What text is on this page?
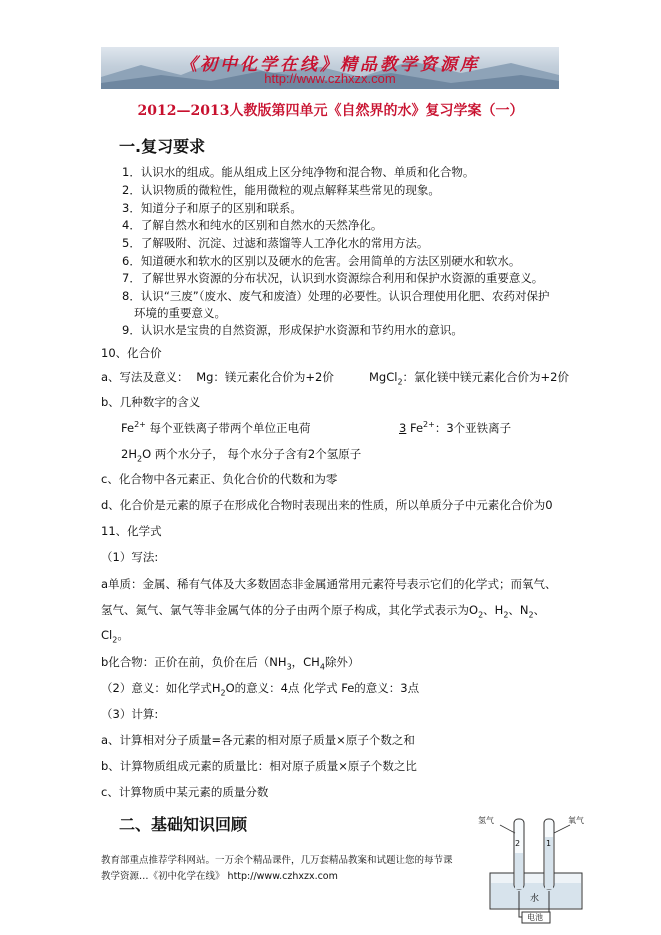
《初中化学在线》精品教学资源库
http://www.czhxzx.com
2012—2013人教版第四单元《自然界的水》复习学案（一）
一.复习要求
1．认识水的组成。能从组成上区分纯净物和混合物、单质和化合物。
2．认识物质的微粒性，能用微粒的观点解释某些常见的现象。
3．知道分子和原子的区别和联系。
4．了解自然水和纯水的区别和自然水的天然净化。
5．了解吸附、沉淀、过滤和蒸馏等人工净化水的常用方法。
6．知道硬水和软水的区别以及硬水的危害。会用简单的方法区别硬水和软水。
7．了解世界水资源的分布状况，认识到水资源综合利用和保护水资源的重要意义。
8．认识“三废”（废水、废气和废渣）处理的必要性。认识合理使用化肥、农药对保护
环境的重要意义。
9．认识水是宝贵的自然资源，形成保护水资源和节约用水的意识。
10、化合价
a、写法及意义： Mg：镁元素化合价为+2价	MgCl$_2$：氯化镁中镁元素化合价为+2价
b、几种数字的含义
$Fe^{2+}$ 每个亚铁离子带两个单位正电荷	3 $Fe^{2+}$：3个亚铁离子
$2H_2O$ 两个水分子， 每个水分子含有2个氢原子
c、化合物中各元素正、负化合价的代数和为零
d、化合价是元素的原子在形成化合物时表现出来的性质，所以单质分子中元素化合价为0
11、化学式
（1）写法:
a单质：金属、稀有气体及大多数固态非金属通常用元素符号表示它们的化学式；而氧气、
氢气、氮气、氯气等非金属气体的分子由两个原子构成，其化学式表示为$O_2$、$H_2$、$N_2$、
$Cl_2$。
b化合物：正价在前，负价在后（$NH_3$，$CH_4$除外）
（2）意义：如化学式$H_2O$的意义：4点 化学式 Fe的意义：3点
（3）计算:
a、计算相对分子质量=各元素的相对原子质量×原子个数之和
b、计算物质组成元素的质量比：相对原子质量×原子个数之比
c、计算物质中某元素的质量分数
二、基础知识回顾
教育部重点推荐学科网站。一万余个精品课件，几万套精品教案和试题让您的每节课
教学资源…《初中化学在线》 http://www.czhxzx.com
氢气	氧气
2	1
水
电池
